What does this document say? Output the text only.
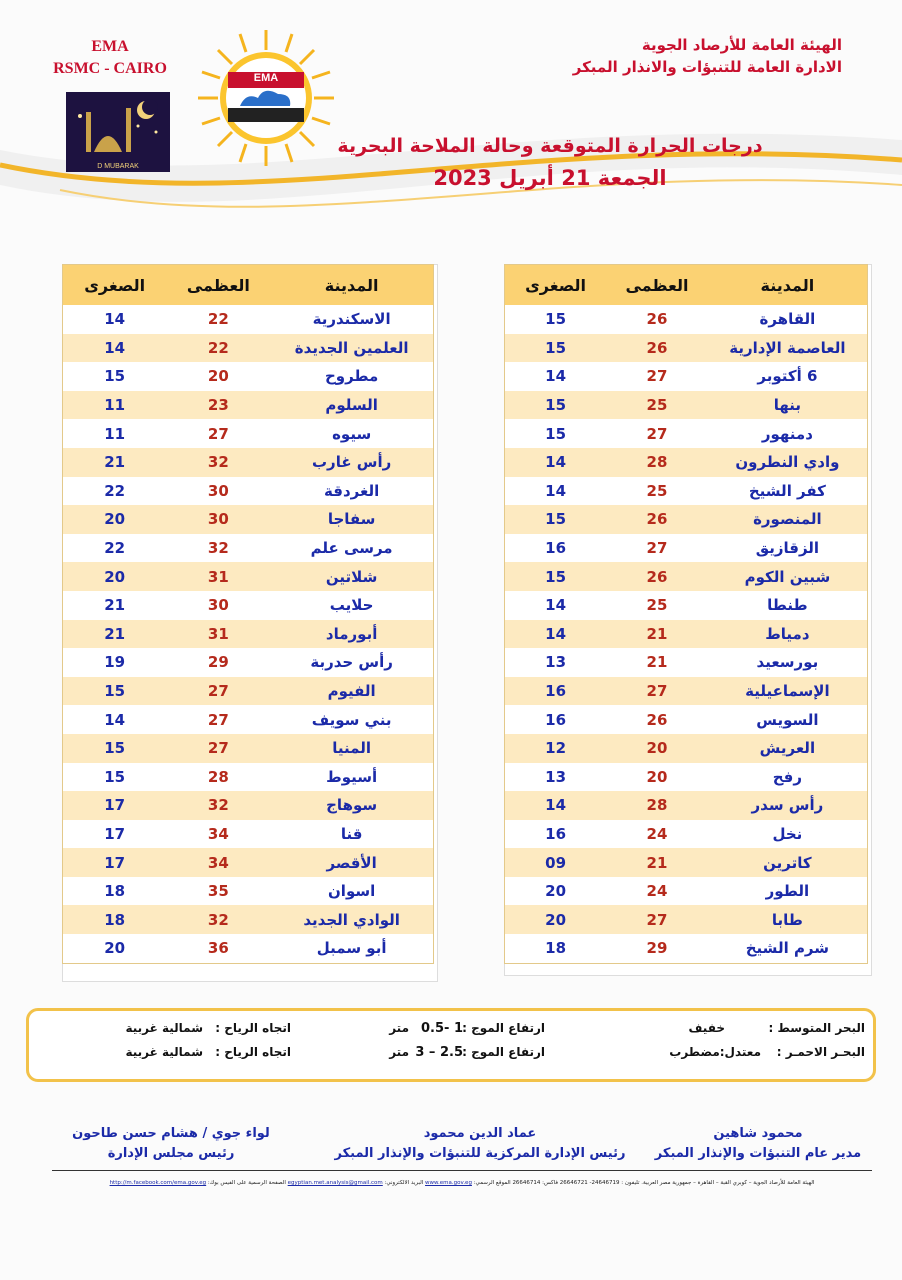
EMA
RSMC - CAIRO
D MUBARAK
EMA
الهيئة العامة للأرصاد الجوية
الادارة العامة للتنبؤات والانذار المبكر
درجات الحرارة المتوقعة وحالة الملاحة البحرية
الجمعة 21 أبريل 2023
المدينة	العظمى	الصغرى
القاهرة	26	15
العاصمة الإدارية	26	15
6 أكتوبر	27	14
بنها	25	15
دمنهور	27	15
وادي النطرون	28	14
كفر الشيخ	25	14
المنصورة	26	15
الزقازيق	27	16
شبين الكوم	26	15
طنطا	25	14
دمياط	21	14
بورسعيد	21	13
الإسماعيلية	27	16
السويس	26	16
العريش	20	12
رفح	20	13
رأس سدر	28	14
نخل	24	16
كاترين	21	09
الطور	24	20
طابا	27	20
شرم الشيخ	29	18
المدينة	العظمى	الصغرى
الاسكندرية	22	14
العلمين الجديدة	22	14
مطروح	20	15
السلوم	23	11
سيوه	27	11
رأس غارب	32	21
الغردقة	30	22
سفاجا	30	20
مرسى علم	32	22
شلاتين	31	20
حلايب	30	21
أبورماد	31	21
رأس حدربة	29	19
الفيوم	27	15
بني سويف	27	14
المنيا	27	15
أسيوط	28	15
سوهاج	32	17
قنا	34	17
الأقصر	34	17
اسوان	35	18
الوادي الجديد	32	18
أبو سمبل	36	20
البحر المتوسط :
خفيف
ارتفاع الموج :
1 -0.5
متر
اتجاه الرياح :
شمالية غربية
البحـر الاحمـر :
معتدل:مضطرب
ارتفاع الموج :
2.5 – 3
متر
اتجاه الرياح :
شمالية غربية
محمود شاهين
مدير عام التنبؤات والإنذار المبكر
عماد الدين محمود
رئيس الإدارة المركزية للتنبؤات والإنذار المبكر
لواء جوي / هشام حسن طاحون
رئيس مجلس الإدارة
الهيئة العامة للأرصاد الجوية – كوبري القبة – القاهرة – جمهورية مصر العربية. تليفون : 24646719- 26646721 فاكس: 26646714 الموقع الرسمي: www.ema.gov.eg البريد الالكتروني: egyptian.met.analysis@gmail.com الصفحة الرسمية على الفيس بوك: http://m.facebook.com/ema.gov.eg
